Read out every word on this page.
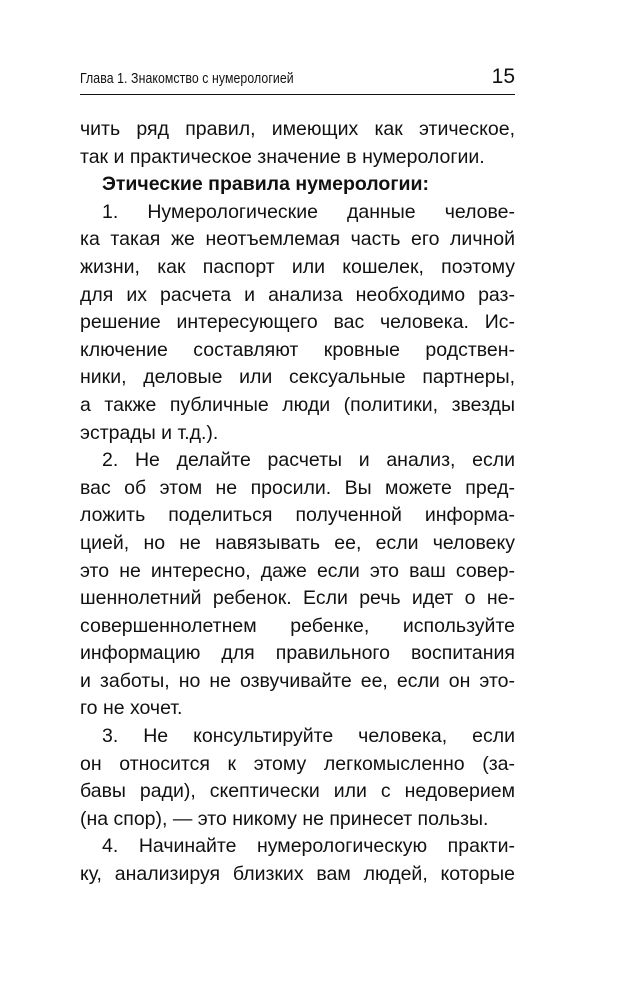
Глава 1. Знакомство с нумерологией	15

чить ряд правил, имеющих как этическое,
так и практическое значение в нумерологии.

Этические правила нумерологии:

1. Нумерологические данные челове-
ка такая же неотъемлемая часть его личной
жизни, как паспорт или кошелек, поэтому
для их расчета и анализа необходимо раз-
решение интересующего вас человека. Ис-
ключение составляют кровные родствен-
ники, деловые или сексуальные партнеры,
а также публичные люди (политики, звезды
эстрады и т.д.).

2. Не делайте расчеты и анализ, если
вас об этом не просили. Вы можете пред-
ложить поделиться полученной информа-
цией, но не навязывать ее, если человеку
это не интересно, даже если это ваш совер-
шеннолетний ребенок. Если речь идет о не-
совершеннолетнем ребенке, используйте
информацию для правильного воспитания
и заботы, но не озвучивайте ее, если он это-
го не хочет.

3. Не консультируйте человека, если
он относится к этому легкомысленно (за-
бавы ради), скептически или с недоверием
(на спор), — это никому не принесет пользы.

4. Начинайте нумерологическую практи-
ку, анализируя близких вам людей, которые
